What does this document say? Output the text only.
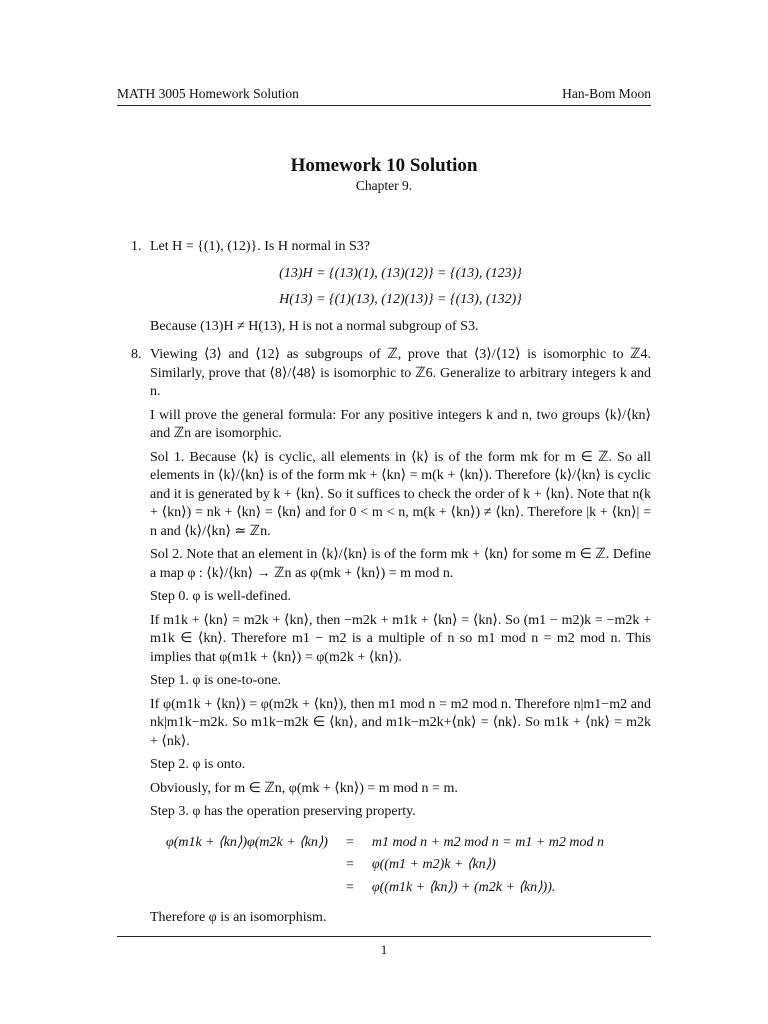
MATH 3005 Homework Solution	Han-Bom Moon
Homework 10 Solution
Chapter 9.
1. Let H = {(1), (12)}. Is H normal in S3?

(13)H = {(13)(1), (13)(12)} = {(13), (123)}
H(13) = {(1)(13), (12)(13)} = {(13), (132)}

Because (13)H ≠ H(13), H is not a normal subgroup of S3.

8. Viewing ⟨3⟩ and ⟨12⟩ as subgroups of ℤ, prove that ⟨3⟩/⟨12⟩ is isomorphic to ℤ4. Similarly, prove that ⟨8⟩/⟨48⟩ is isomorphic to ℤ6. Generalize to arbitrary integers k and n.

I will prove the general formula: For any positive integers k and n, two groups ⟨k⟩/⟨kn⟩ and ℤn are isomorphic.

Sol 1. Because ⟨k⟩ is cyclic, all elements in ⟨k⟩ is of the form mk for m ∈ ℤ. So all elements in ⟨k⟩/⟨kn⟩ is of the form mk + ⟨kn⟩ = m(k + ⟨kn⟩). Therefore ⟨k⟩/⟨kn⟩ is cyclic and it is generated by k + ⟨kn⟩. So it suffices to check the order of k + ⟨kn⟩. Note that n(k + ⟨kn⟩) = nk + ⟨kn⟩ = ⟨kn⟩ and for 0 < m < n, m(k + ⟨kn⟩) ≠ ⟨kn⟩. Therefore |k + ⟨kn⟩| = n and ⟨k⟩/⟨kn⟩ ≃ ℤn.

Sol 2. Note that an element in ⟨k⟩/⟨kn⟩ is of the form mk + ⟨kn⟩ for some m ∈ ℤ. Define a map φ : ⟨k⟩/⟨kn⟩ → ℤn as φ(mk + ⟨kn⟩) = m mod n.

Step 0. φ is well-defined.

If m1k + ⟨kn⟩ = m2k + ⟨kn⟩, then −m2k + m1k + ⟨kn⟩ = ⟨kn⟩. So (m1 − m2)k = −m2k + m1k ∈ ⟨kn⟩. Therefore m1 − m2 is a multiple of n so m1 mod n = m2 mod n. This implies that φ(m1k + ⟨kn⟩) = φ(m2k + ⟨kn⟩).

Step 1. φ is one-to-one.

If φ(m1k + ⟨kn⟩) = φ(m2k + ⟨kn⟩), then m1 mod n = m2 mod n. Therefore n|m1−m2 and nk|m1k−m2k. So m1k−m2k ∈ ⟨kn⟩, and m1k−m2k+⟨nk⟩ = ⟨nk⟩. So m1k + ⟨nk⟩ = m2k + ⟨nk⟩.

Step 2. φ is onto.

Obviously, for m ∈ ℤn, φ(mk + ⟨kn⟩) = m mod n = m.

Step 3. φ has the operation preserving property.

φ(m1k + ⟨kn⟩)φ(m2k + ⟨kn⟩)	=	m1 mod n + m2 mod n = m1 + m2 mod n
	=	φ((m1 + m2)k + ⟨kn⟩)
	=	φ((m1k + ⟨kn⟩) + (m2k + ⟨kn⟩)).

Therefore φ is an isomorphism.

1
